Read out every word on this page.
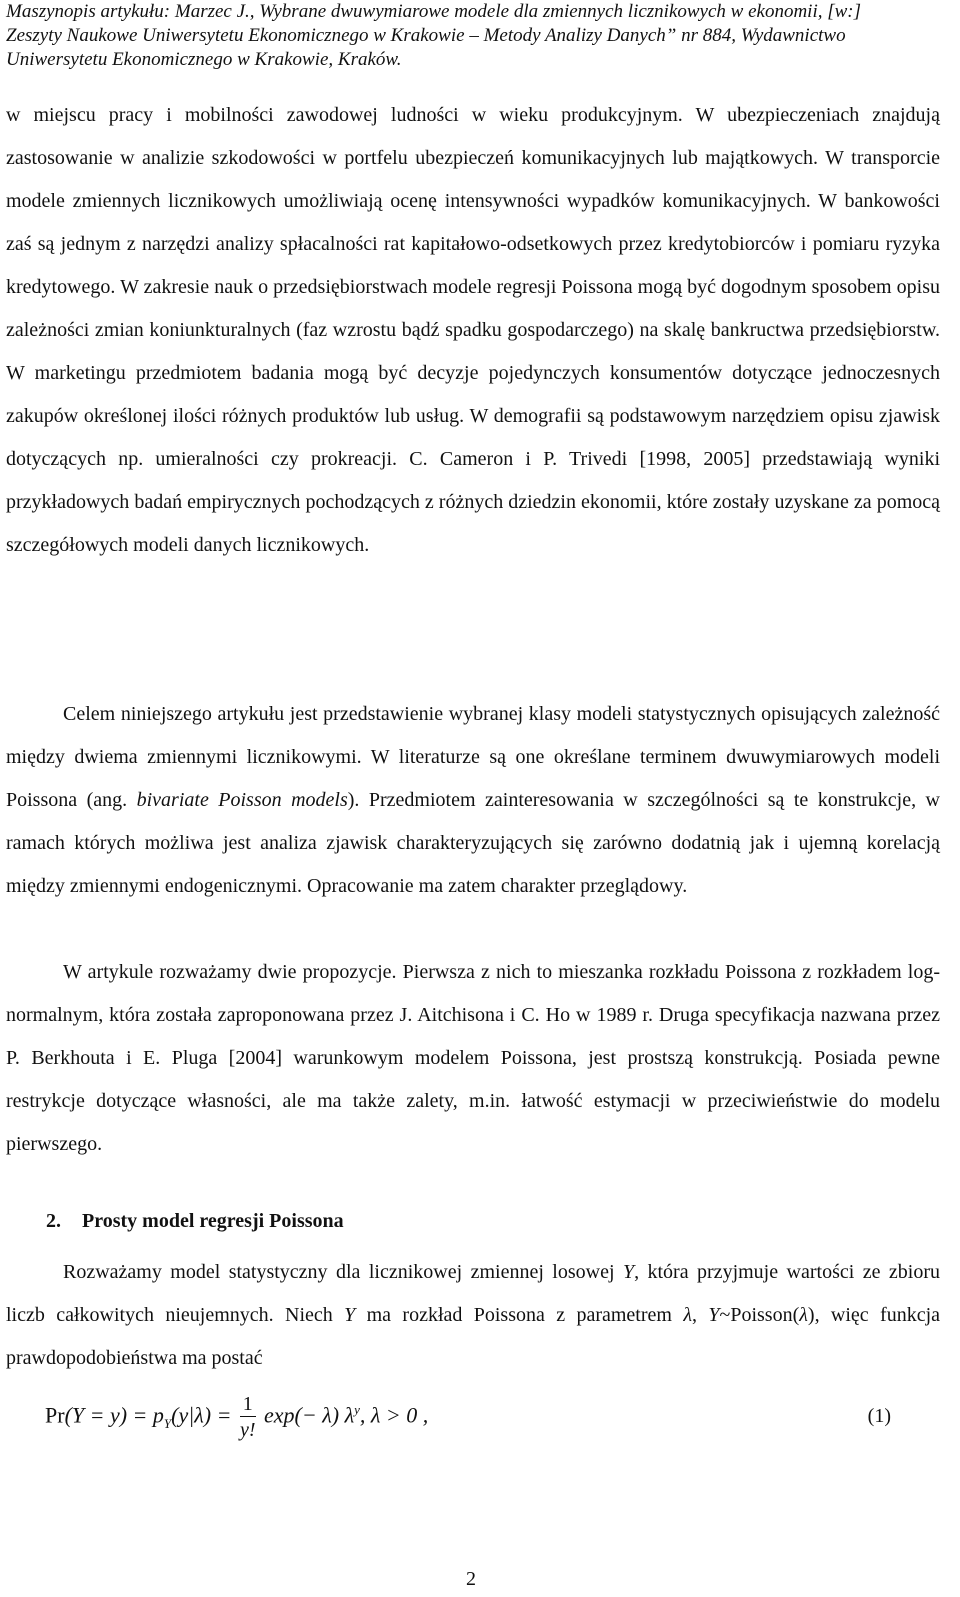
Maszynopis artykułu: Marzec J., Wybrane dwuwymiarowe modele dla zmiennych licznikowych w ekonomii, [w:]
Zeszyty Naukowe Uniwersytetu Ekonomicznego w Krakowie – Metody Analizy Danych” nr 884, Wydawnictwo
Uniwersytetu Ekonomicznego w Krakowie, Kraków.
w miejscu pracy i mobilności zawodowej ludności w wieku produkcyjnym. W ubezpieczeniach znajdują zastosowanie w analizie szkodowości w portfelu ubezpieczeń komunikacyjnych lub majątkowych. W transporcie modele zmiennych licznikowych umożliwiają ocenę intensywności wypadków komunikacyjnych. W bankowości zaś są jednym z narzędzi analizy spłacalności rat kapitałowo-odsetkowych przez kredytobiorców i pomiaru ryzyka kredytowego. W zakresie nauk o przedsiębiorstwach modele regresji Poissona mogą być dogodnym sposobem opisu zależności zmian koniunkturalnych (faz wzrostu bądź spadku gospodarczego) na skalę bankructwa przedsiębiorstw. W marketingu przedmiotem badania mogą być decyzje pojedynczych konsumentów dotyczące jednoczesnych zakupów określonej ilości różnych produktów lub usług. W demografii są podstawowym narzędziem opisu zjawisk dotyczących np. umieralności czy prokreacji. C. Cameron i P. Trivedi [1998, 2005] przedstawiają wyniki przykładowych badań empirycznych pochodzących z różnych dziedzin ekonomii, które zostały uzyskane za pomocą szczegółowych modeli danych licznikowych.
Celem niniejszego artykułu jest przedstawienie wybranej klasy modeli statystycznych opisujących zależność między dwiema zmiennymi licznikowymi. W literaturze są one określane terminem dwuwymiarowych modeli Poissona (ang. bivariate Poisson models). Przedmiotem zainteresowania w szczególności są te konstrukcje, w ramach których możliwa jest analiza zjawisk charakteryzujących się zarówno dodatnią jak i ujemną korelacją między zmiennymi endogenicznymi. Opracowanie ma zatem charakter przeglądowy.
W artykule rozważamy dwie propozycje. Pierwsza z nich to mieszanka rozkładu Poissona z rozkładem log-normalnym, która została zaproponowana przez J. Aitchisona i C. Ho w 1989 r. Druga specyfikacja nazwana przez P. Berkhouta i E. Pluga [2004] warunkowym modelem Poissona, jest prostszą konstrukcją. Posiada pewne restrykcje dotyczące własności, ale ma także zalety, m.in. łatwość estymacji w przeciwieństwie do modelu pierwszego.
2. Prosty model regresji Poissona
Rozważamy model statystyczny dla licznikowej zmiennej losowej Y, która przyjmuje wartości ze zbioru liczb całkowitych nieujemnych. Niech Y ma rozkład Poissona z parametrem λ, Y~Poisson(λ), więc funkcja prawdopodobieństwa ma postać
$Pr(Y = y) = p_Y(y|\lambda) = \frac{1}{y!} \exp(- \lambda)$ $\lambda^y$, λ > 0 ,	(1)
2
